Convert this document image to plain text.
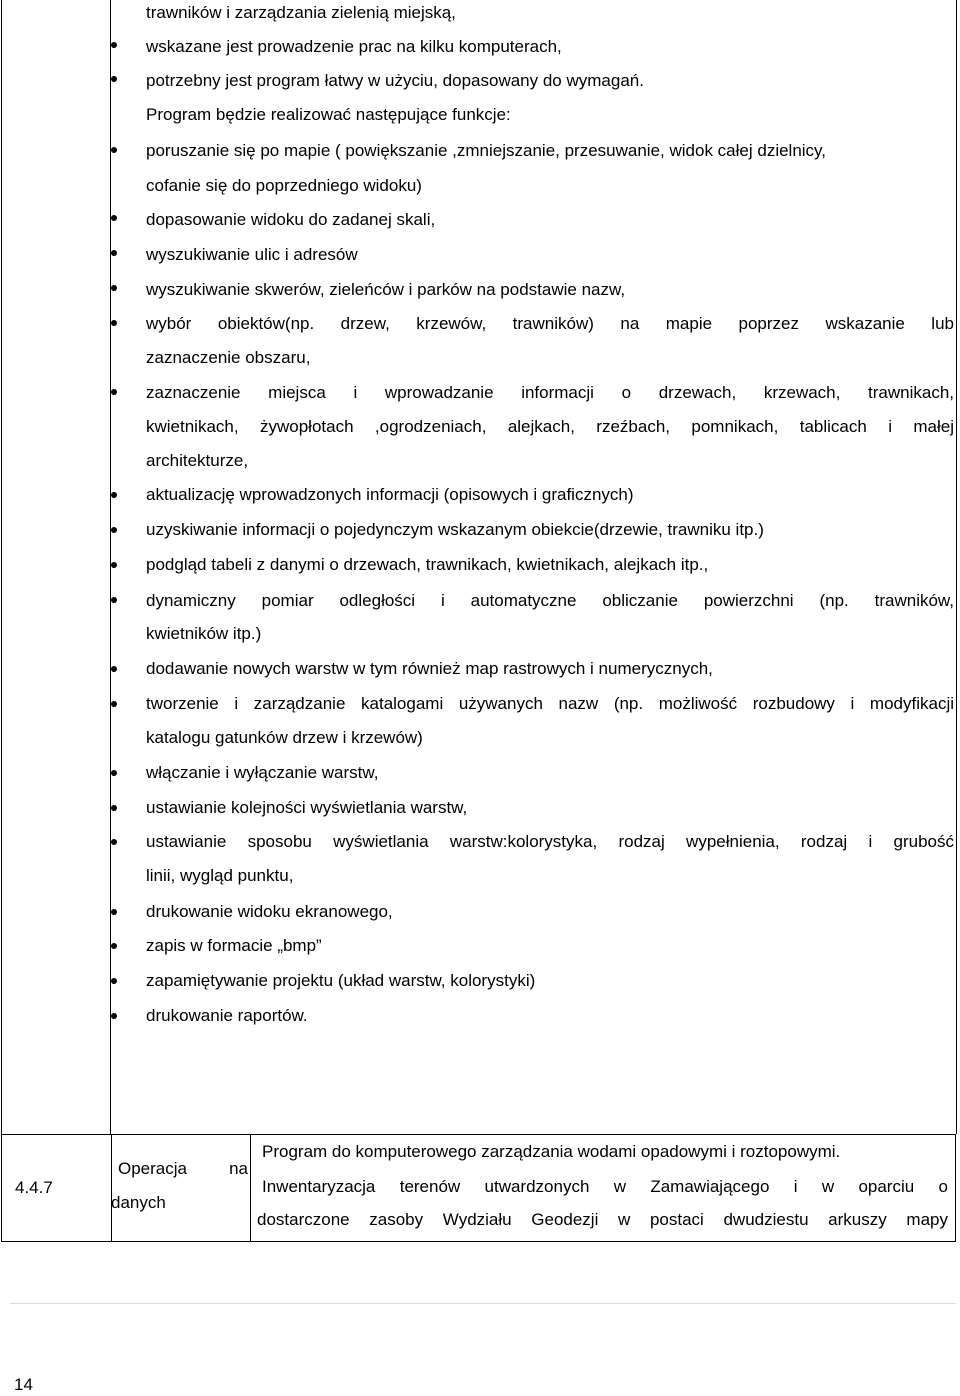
trawników i zarządzania zielenią miejską,
wskazane jest prowadzenie prac na kilku komputerach,
potrzebny jest program łatwy w użyciu, dopasowany do wymagań.
Program będzie realizować następujące funkcje:
poruszanie się po mapie ( powiększanie ,zmniejszanie, przesuwanie, widok całej dzielnicy,
cofanie się do poprzedniego widoku)
dopasowanie widoku do zadanej skali,
wyszukiwanie ulic i adresów
wyszukiwanie skwerów, zieleńców i parków na podstawie nazw,
wybór obiektów(np. drzew, krzewów, trawników) na mapie poprzez wskazanie lub
zaznaczenie obszaru,
zaznaczenie miejsca i wprowadzanie informacji o drzewach, krzewach, trawnikach,
kwietnikach, żywopłotach ,ogrodzeniach, alejkach, rzeźbach, pomnikach, tablicach i małej
architekturze,
aktualizację wprowadzonych informacji (opisowych i graficznych)
uzyskiwanie informacji o pojedynczym wskazanym obiekcie(drzewie, trawniku itp.)
podgląd tabeli z danymi o drzewach, trawnikach, kwietnikach, alejkach itp.,
dynamiczny pomiar odległości i automatyczne obliczanie powierzchni (np. trawników,
kwietników itp.)
dodawanie nowych warstw w tym również map rastrowych i numerycznych,
tworzenie i zarządzanie katalogami używanych nazw (np. możliwość rozbudowy i modyfikacji
katalogu gatunków drzew i krzewów)
włączanie i wyłączanie warstw,
ustawianie kolejności wyświetlania warstw,
ustawianie sposobu wyświetlania warstw:kolorystyka, rodzaj wypełnienia, rodzaj i grubość
linii, wygląd punktu,
drukowanie widoku ekranowego,
zapis w formacie „bmp”
zapamiętywanie projektu (układ warstw, kolorystyki)
drukowanie raportów.
4.4.7
Operacja na
danych
Program do komputerowego zarządzania wodami opadowymi i roztopowymi.
Inwentaryzacja terenów utwardzonych w Zamawiającego i w oparciu o
dostarczone zasoby Wydziału Geodezji w postaci dwudziestu arkuszy mapy
14
